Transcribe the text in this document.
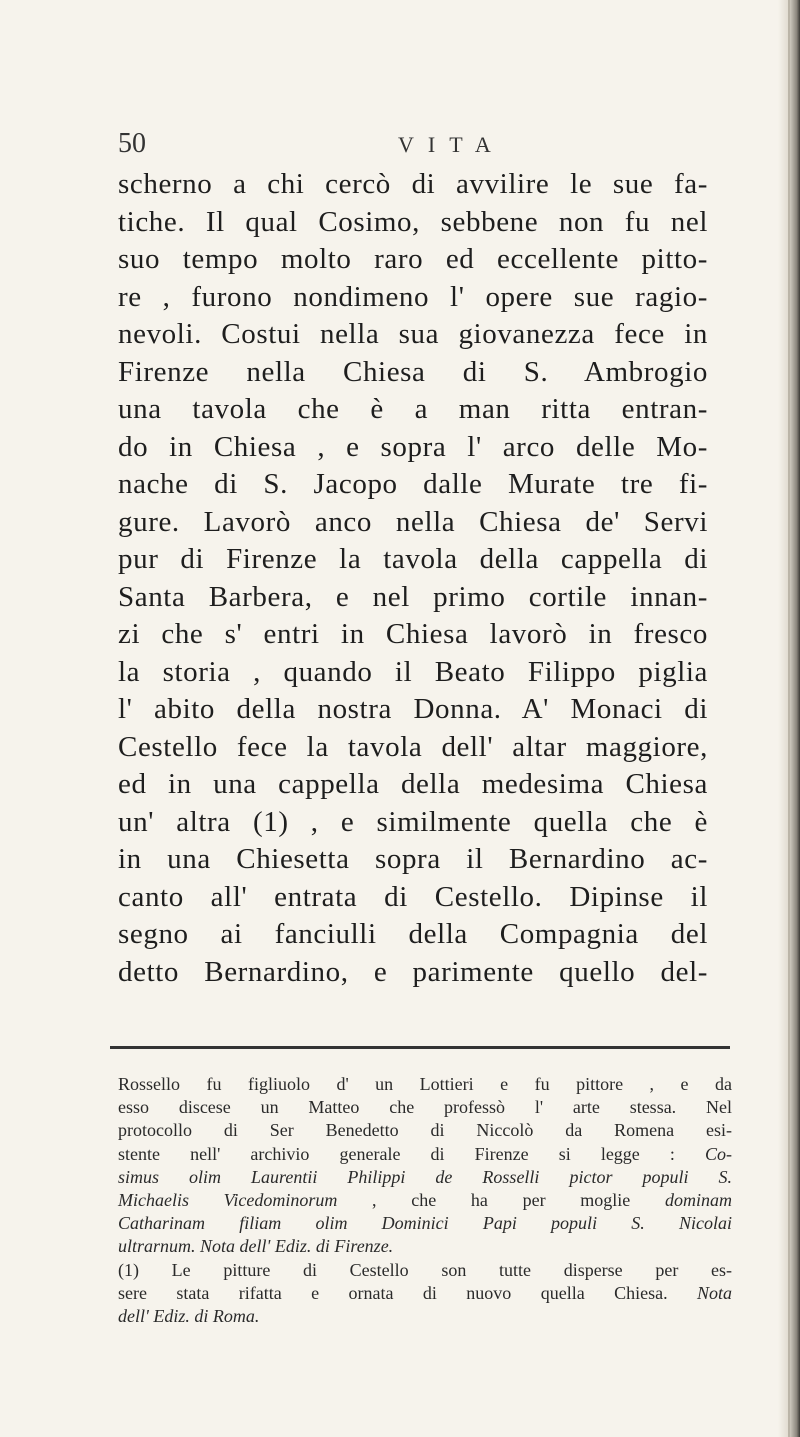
50	VITA
scherno a chi cercò di avvilire le sue fa-
tiche. Il qual Cosimo, sebbene non fu nel
suo tempo molto raro ed eccellente pitto-
re , furono nondimeno l' opere sue ragio-
nevoli. Costui nella sua giovanezza fece in
Firenze nella Chiesa di S. Ambrogio
una tavola che è a man ritta entran-
do in Chiesa , e sopra l' arco delle Mo-
nache di S. Jacopo dalle Murate tre fi-
gure. Lavorò anco nella Chiesa de' Servi
pur di Firenze la tavola della cappella di
Santa Barbera, e nel primo cortile innan-
zi che s' entri in Chiesa lavorò in fresco
la storia , quando il Beato Filippo piglia
l' abito della nostra Donna. A' Monaci di
Cestello fece la tavola dell' altar maggiore,
ed in una cappella della medesima Chiesa
un' altra (1) , e similmente quella che è
in una Chiesetta sopra il Bernardino ac-
canto all' entrata di Cestello. Dipinse il
segno ai fanciulli della Compagnia del
detto Bernardino, e parimente quello del-
Rossello fu figliuolo d' un Lottieri e fu pittore , e da
esso discese un Matteo che professò l' arte stessa. Nel
protocollo di Ser Benedetto di Niccolò da Romena esi-
stente nell' archivio generale di Firenze si legge : Co-
simus olim Laurentii Philippi de Rosselli pictor populi S.
Michaelis Vicedominorum , che ha per moglie dominam
Catharinam filiam olim Dominici Papi populi S. Nicolai
ultrarnum. Nota dell' Ediz. di Firenze.
(1) Le pitture di Cestello son tutte disperse per es-
sere stata rifatta e ornata di nuovo quella Chiesa. Nota
dell' Ediz. di Roma.
